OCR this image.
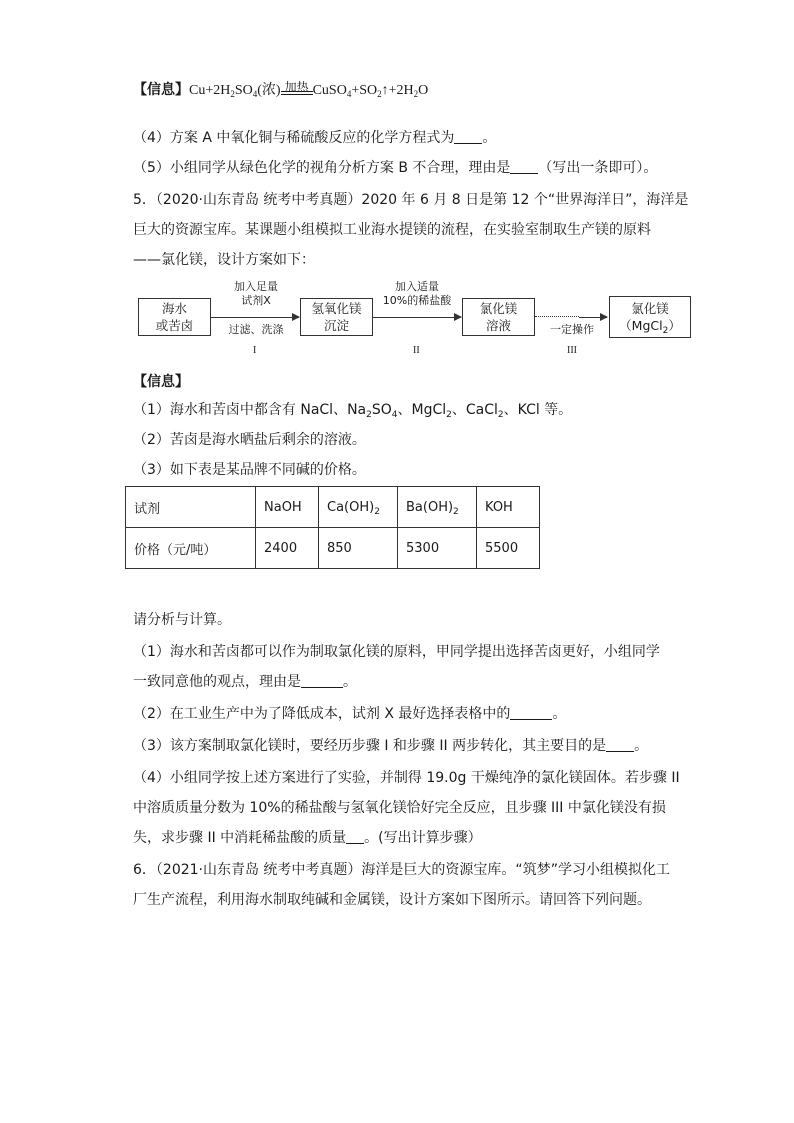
【信息】$Cu+2H_2SO_4$(浓) 加热 $CuSO_4+SO_2↑+2H_2O$
（4）方案 A 中氧化铜与稀硫酸反应的化学方程式为 。
（5）小组同学从绿色化学的视角分析方案 B 不合理，理由是 （写出一条即可）。
5．（2020·山东青岛 统考中考真题）2020 年 6 月 8 日是第 12 个“世界海洋日”，海洋是
巨大的资源宝库。某课题小组模拟工业海水提镁的流程，在实验室制取生产镁的原料
——氯化镁，设计方案如下：
海水
或苦卤
加入足量
试剂X
过滤、洗涤
I
氢氧化镁
沉淀
加入适量
10%的稀盐酸
II
氯化镁
溶液	一定操作
III
氯化镁
（MgCl$_2$）
【信息】
（1）海水和苦卤中都含有 NaCl、$Na_2SO_4$、MgCl$_2$、CaCl$_2$、KCl 等。
（2）苦卤是海水晒盐后剩余的溶液。
（3）如下表是某品牌不同碱的价格。
试剂	NaOH	$Ca(OH)_2$	$Ba(OH)_2$	KOH
价格（元/吨）	2400	850	5300	5500
请分析与计算。
（1）海水和苦卤都可以作为制取氯化镁的原料，甲同学提出选择苦卤更好，小组同学
一致同意他的观点，理由是	。
（2）在工业生产中为了降低成本，试剂 X 最好选择表格中的	。
（3）该方案制取氯化镁时，要经历步骤 I 和步骤 II 两步转化，其主要目的是 。
（4）小组同学按上述方案进行了实验，并制得 19.0g 干燥纯净的氯化镁固体。若步骤 II
中溶质质量分数为 10%的稀盐酸与氢氧化镁恰好完全反应，且步骤 III 中氯化镁没有损
失，求步骤 II 中消耗稀盐酸的质量 。(写出计算步骤）
6．（2021·山东青岛 统考中考真题）海洋是巨大的资源宝库。“筑梦”学习小组模拟化工
厂生产流程，利用海水制取纯碱和金属镁，设计方案如下图所示。请回答下列问题。
